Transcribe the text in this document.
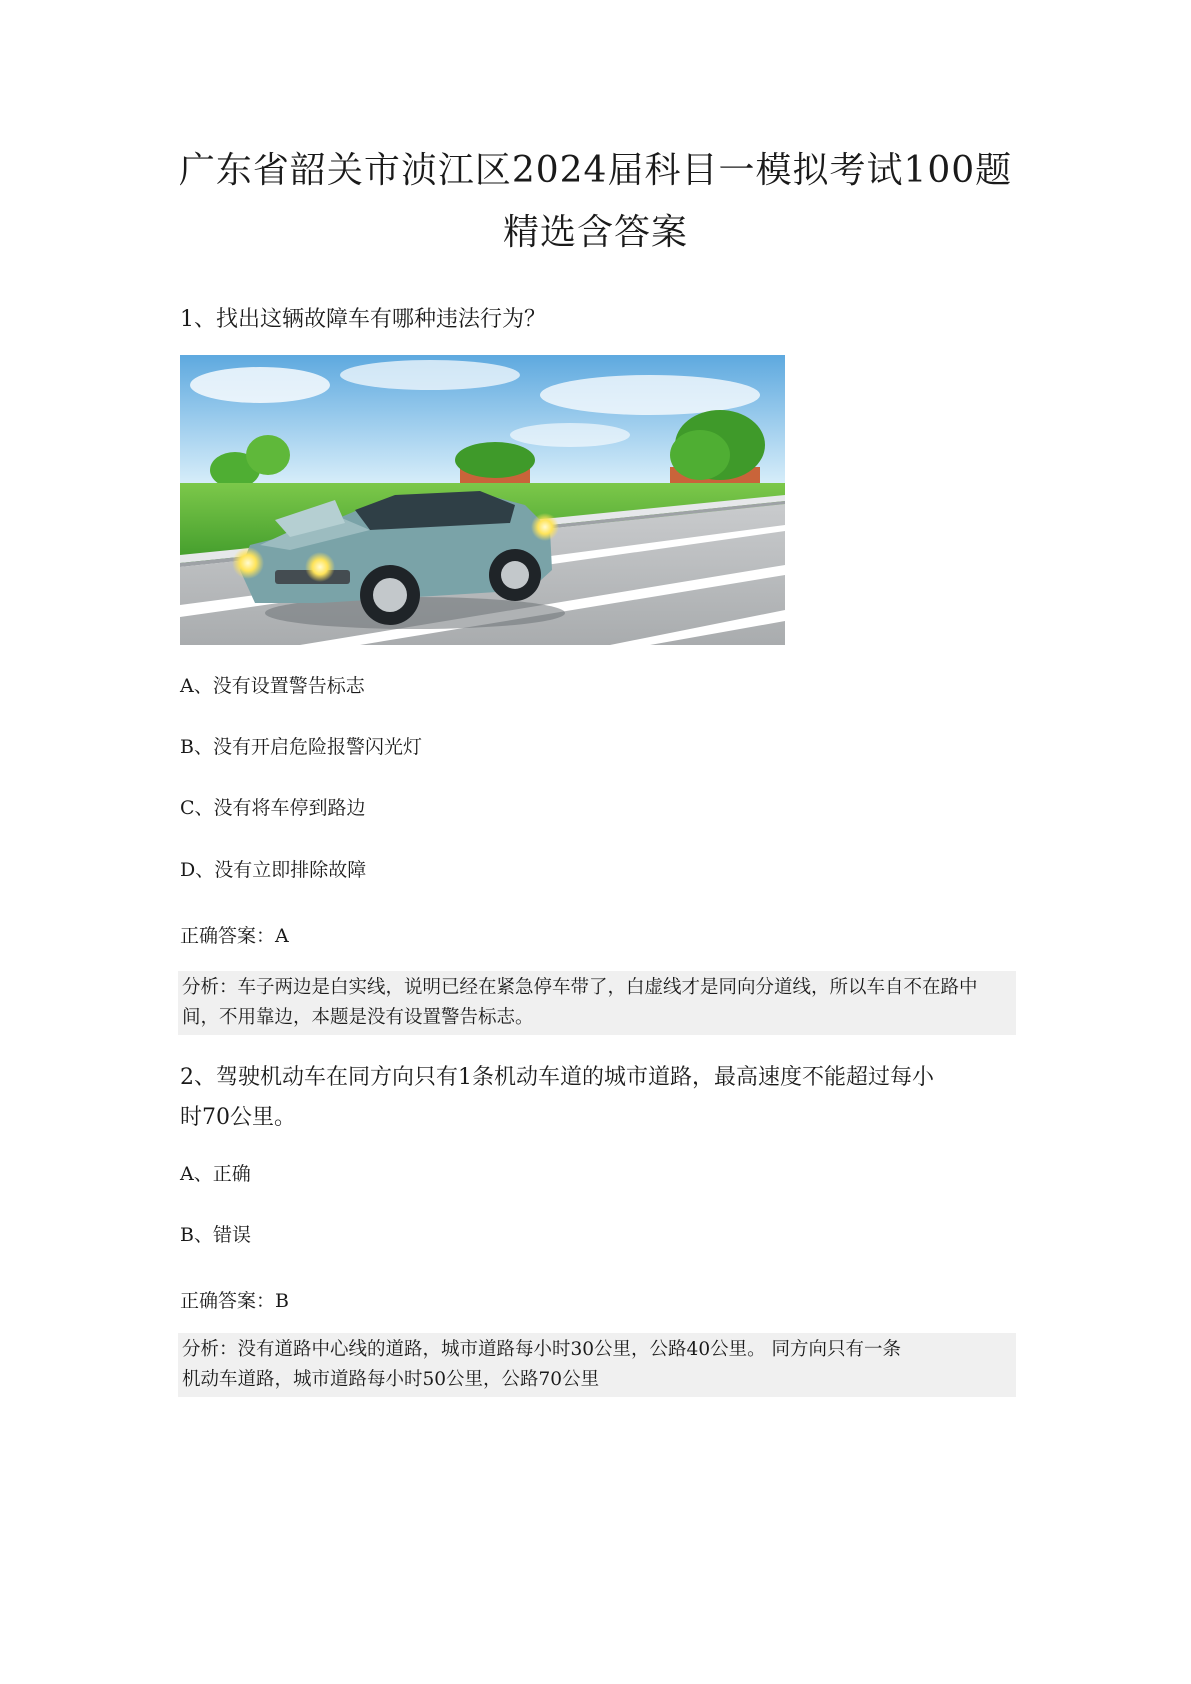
广东省韶关市浈江区2024届科目一模拟考试100题
精选含答案
1、找出这辆故障车有哪种违法行为？
A、没有设置警告标志
B、没有开启危险报警闪光灯
C、没有将车停到路边
D、没有立即排除故障
正确答案：A
分析：车子两边是白实线，说明已经在紧急停车带了，白虚线才是同向分道线，所以车自不在路中间，不用靠边，本题是没有设置警告标志。
2、驾驶机动车在同方向只有1条机动车道的城市道路，最高速度不能超过每小
时70公里。
A、正确
B、错误
正确答案：B
分析：没有道路中心线的道路，城市道路每小时30公里，公路40公里。 同方向只有一条
机动车道路，城市道路每小时50公里，公路70公里
